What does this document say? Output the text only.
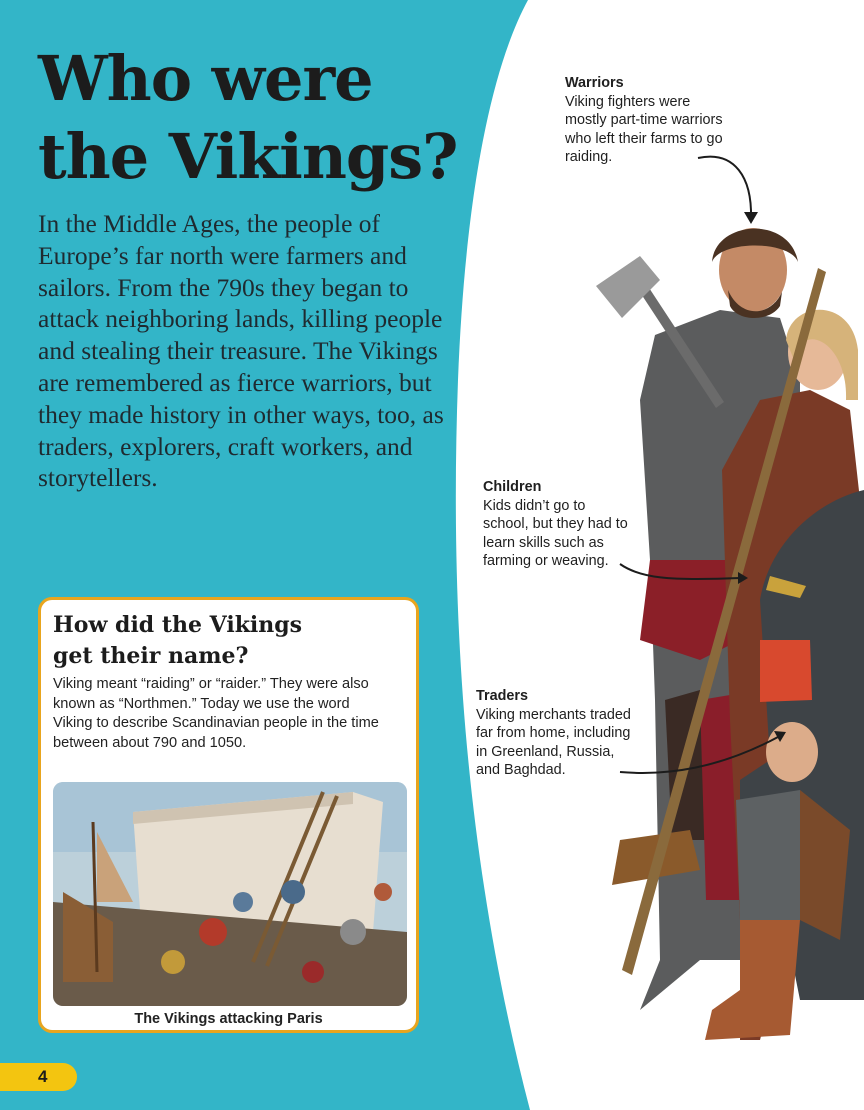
Who were
the Vikings?

In the Middle Ages, the people of Europe’s far north were farmers and sailors. From the 790s they began to attack neighboring lands, killing people and stealing their treasure. The Vikings are remembered as fierce warriors, but they made history in other ways, too, as traders, explorers, craft workers, and storytellers.

Warriors
Viking fighters were mostly part-time warriors who left their farms to go raiding.
Children
Kids didn’t go to school, but they had to learn skills such as farming or weaving.
Traders
Viking merchants traded far from home, including in Greenland, Russia, and Baghdad.
How did the Vikings
get their name?

Viking meant “raiding” or “raider.” They were also known as “Northmen.” Today we use the word Viking to describe Scandinavian people in the time between about 790 and 1050.

The Vikings attacking Paris
4
